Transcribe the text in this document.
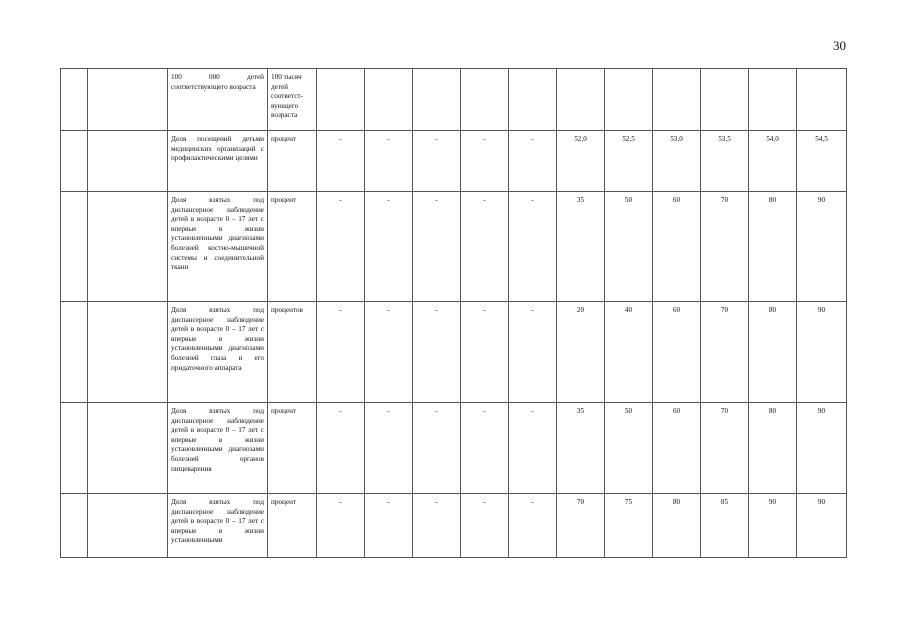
30
		100 000 детей соответствующего возраста	100 тысяч детей соответст-вующего возраста											
		Доля посещений детьми медицинских организаций с профилактическими целями	процент	-	-	-	-	-	52,0	52,5	53,0	53,5	54,0	54,5
		Доля взятых под диспансерное наблюдение детей в возрасте 0 – 17 лет с впервые в жизни установленными диагнозами болезней костно-мышечной системы и соединительной ткани	процент	-	-	-	-	-	35	50	60	70	80	90
		Доля взятых под диспансерное наблюдение детей в возрасте 0 – 17 лет с впервые в жизни установленными диагнозами болезней глаза и его придаточного аппарата	процентов	-	-	-	-	-	20	40	60	70	80	90
		Доля взятых под диспансерное наблюдение детей в возрасте 0 – 17 лет с впервые в жизни установленными диагнозами болезней органов пищеварения	процент	-	-	-	-	-	35	50	60	70	80	90
		Доля взятых под диспансерное наблюдение детей в возрасте 0 – 17 лет с впервые в жизни установленными	процент	-	-	-	-	-	70	75	80	85	90	90
